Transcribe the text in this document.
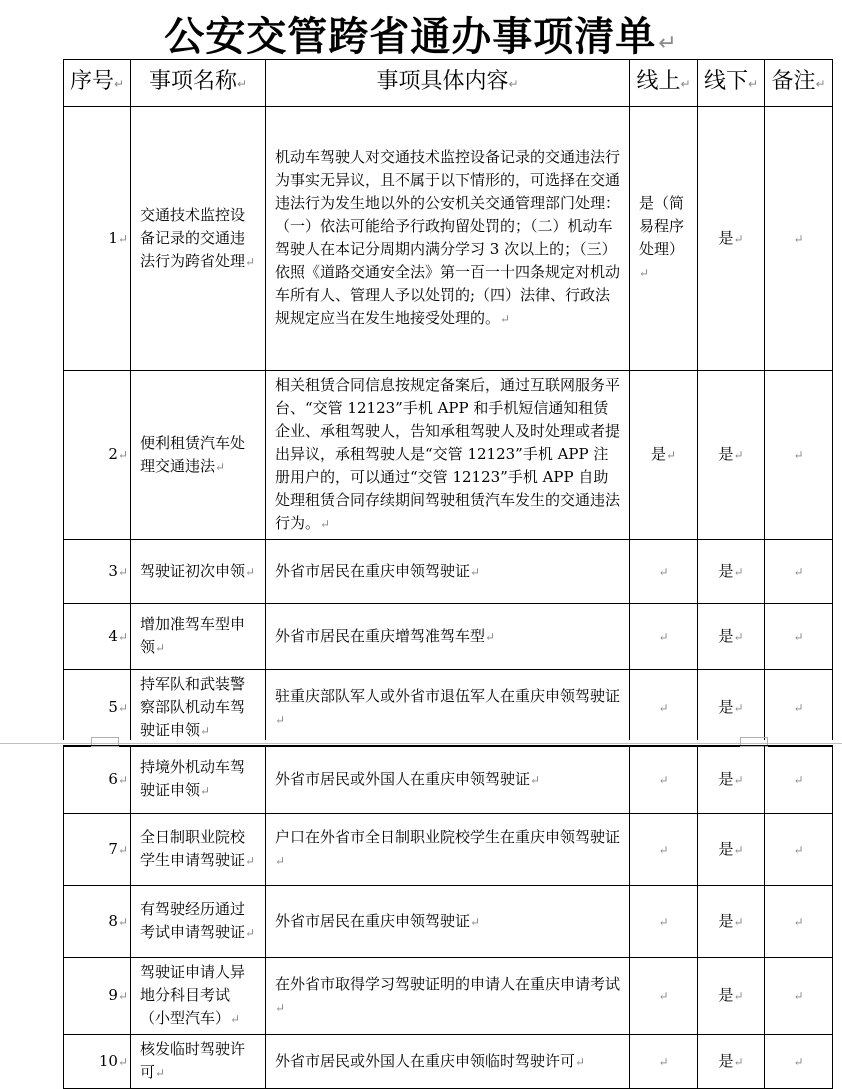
公安交管跨省通办事项清单↵
序号↵	事项名称↵	事项具体内容↵	线上↵	线下↵	备注↵
1↵	交通技术监控设备记录的交通违法行为跨省处理↵	机动车驾驶人对交通技术监控设备记录的交通违法行为事实无异议，且不属于以下情形的，可选择在交通违法行为发生地以外的公安机关交通管理部门处理：（一）依法可能给予行政拘留处罚的；（二）机动车驾驶人在本记分周期内满分学习 3 次以上的；（三）依照《道路交通安全法》第一百一十四条规定对机动车所有人、管理人予以处罚的;（四）法律、行政法规规定应当在发生地接受处理的。↵	是（简易程序处理）↵	是↵	↵
2↵	便利租赁汽车处理交通违法↵	相关租赁合同信息按规定备案后，通过互联网服务平台、“交管 12123”手机 APP 和手机短信通知租赁企业、承租驾驶人，告知承租驾驶人及时处理或者提出异议，承租驾驶人是“交管 12123”手机 APP 注册用户的，可以通过“交管 12123”手机 APP 自助处理租赁合同存续期间驾驶租赁汽车发生的交通违法行为。↵	是↵	是↵	↵
3↵	驾驶证初次申领↵	外省市居民在重庆申领驾驶证↵	↵	是↵	↵
4↵	增加准驾车型申领↵	外省市居民在重庆增驾准驾车型↵	↵	是↵	↵
5↵	持军队和武装警察部队机动车驾驶证申领↵	驻重庆部队军人或外省市退伍军人在重庆申领驾驶证↵	↵	是↵	↵
6↵	持境外机动车驾驶证申领↵	外省市居民或外国人在重庆申领驾驶证↵	↵	是↵	↵
7↵	全日制职业院校学生申请驾驶证↵	户口在外省市全日制职业院校学生在重庆申领驾驶证↵	↵	是↵	↵
8↵	有驾驶经历通过考试申请驾驶证↵	外省市居民在重庆申领驾驶证↵	↵	是↵	↵
9↵	驾驶证申请人异地分科目考试（小型汽车）↵	在外省市取得学习驾驶证明的申请人在重庆申请考试↵	↵	是↵	↵
10↵	核发临时驾驶许可↵	外省市居民或外国人在重庆申领临时驾驶许可↵	↵	是↵	↵
